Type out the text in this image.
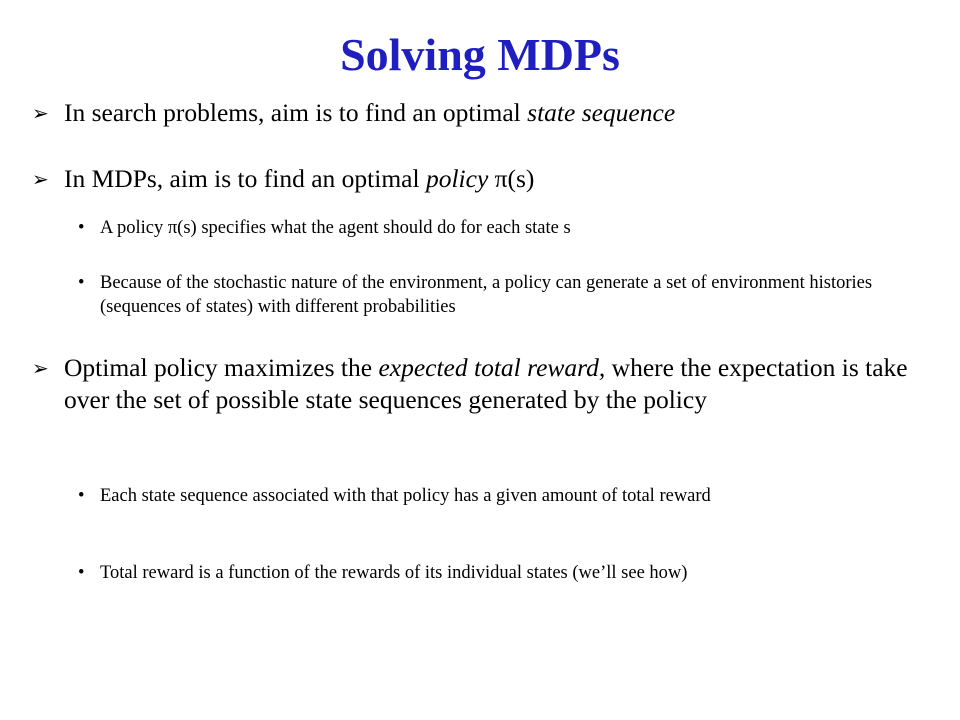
Solving MDPs
➢ In search problems, aim is to find an optimal state sequence
➢ In MDPs, aim is to find an optimal policy π(s)
• A policy π(s) specifies what the agent should do for each state s
• Because of the stochastic nature of the environment, a policy can generate a set of environment histories (sequences of states) with different probabilities
➢ Optimal policy maximizes the expected total reward, where the expectation is take over the set of possible state sequences generated by the policy
• Each state sequence associated with that policy has a given amount of total reward
• Total reward is a function of the rewards of its individual states (we’ll see how)
